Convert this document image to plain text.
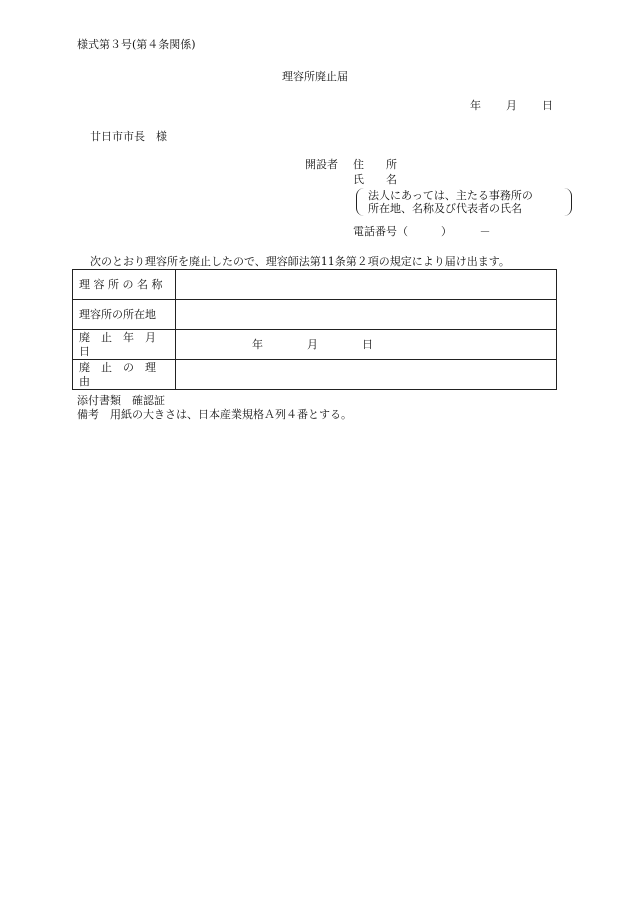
様式第３号(第４条関係)
理容所廃止届
年 月 日
廿日市市長　様
開設者 住　　所
氏　　名
法人にあっては、主たる事務所の
所在地、名称及び代表者の氏名
電話番号（　　　）　　　－
次のとおり理容所を廃止したので、理容師法第11条第２項の規定により届け出ます。
理 容 所 の 名 称	
理容所の所在地	
廃　止　年　月　日	年　　　　月　　　　日
廃　止　の　理　由	
添付書類　確認証
備考　用紙の大きさは、日本産業規格Ａ列４番とする。
